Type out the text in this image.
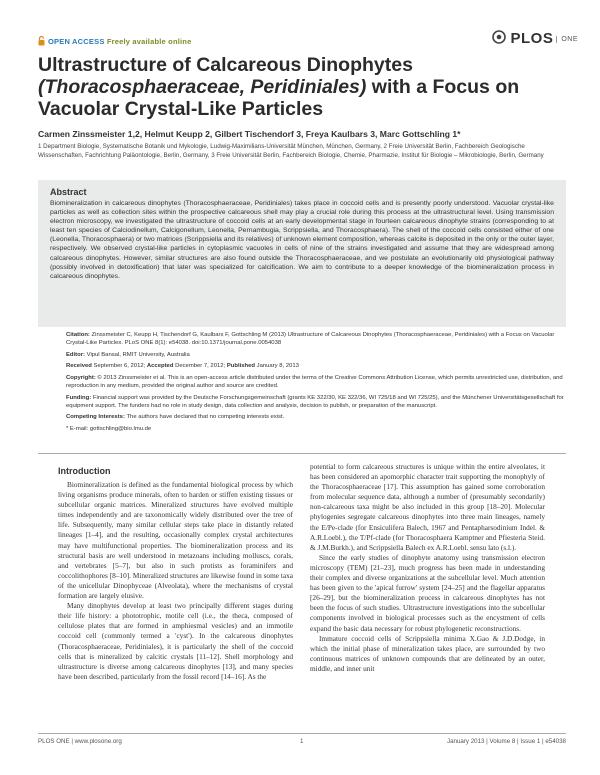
OPEN ACCESS Freely available online	PLOS ONE
Ultrastructure of Calcareous Dinophytes
(Thoracosphaeraceae, Peridiniales) with a Focus on
Vacuolar Crystal-Like Particles
Carmen Zinssmeister 1,2, Helmut Keupp 2, Gilbert Tischendorf 3, Freya Kaulbars 3, Marc Gottschling 1*
1 Department Biologie, Systematische Botanik und Mykologie, Ludwig-Maximilians-Universität München, München, Germany, 2 Freie Universität Berlin, Fachbereich Geologische Wissenschaften, Fachrichtung Paläontologie, Berlin, Germany, 3 Freie Universität Berlin, Fachbereich Biologie, Chemie, Pharmazie, Institut für Biologie – Mikrobiologie, Berlin, Germany
Abstract

Biomineralization in calcareous dinophytes (Thoracosphaeraceae, Peridiniales) takes place in coccoid cells and is presently poorly understood. Vacuolar crystal-like particles as well as collection sites within the prospective calcareous shell may play a crucial role during this process at the ultrastructural level. Using transmission electron microscopy, we investigated the ultrastructure of coccoid cells at an early developmental stage in fourteen calcareous dinophyte strains (corresponding to at least ten species of Calciodinellum, Calcigonellum, Leonella, Pernambugia, Scrippsiella, and Thoracosphaera). The shell of the coccoid cells consisted either of one (Leonella, Thoracosphaera) or two matrices (Scrippsiella and its relatives) of unknown element composition, whereas calcite is deposited in the only or the outer layer, respectively. We observed crystal-like particles in cytoplasmic vacuoles in cells of nine of the strains investigated and assume that they are widespread among calcareous dinophytes. However, similar structures are also found outside the Thoracosphaeraceae, and we postulate an evolutionarily old physiological pathway (possibly involved in detoxification) that later was specialized for calcification. We aim to contribute to a deeper knowledge of the biomineralization process in calcareous dinophytes.

Citation: Zinssmeister C, Keupp H, Tischendorf G, Kaulbars F, Gottschling M (2013) Ultrastructure of Calcareous Dinophytes (Thoracosphaeraceae, Peridiniales) with a Focus on Vacuolar Crystal-Like Particles. PLoS ONE 8(1): e54038. doi:10.1371/journal.pone.0054038
Editor: Vipul Bansal, RMIT University, Australia
Received September 6, 2012; Accepted December 7, 2012; Published January 8, 2013
Copyright: © 2013 Zinssmeister et al. This is an open-access article distributed under the terms of the Creative Commons Attribution License, which permits unrestricted use, distribution, and reproduction in any medium, provided the original author and source are credited.
Funding: Financial support was provided by the Deutsche Forschungsgemeinschaft (grants KE 322/30, KE 322/36, WI 725/18 and WI 725/25), and the Münchener Universitätsgesellschaft for equipment support. The funders had no role in study design, data collection and analysis, decision to publish, or preparation of the manuscript.
Competing Interests: The authors have declared that no competing interests exist.
* E-mail: gottschling@bio.lmu.de
Introduction

Biomineralization is defined as the fundamental biological process by which living organisms produce minerals, often to harden or stiffen existing tissues or subcellular organic matrices. Mineralized structures have evolved multiple times independently and are taxonomically widely distributed over the tree of life. Subsequently, many similar cellular steps take place in distantly related lineages [1–4], and the resulting, occasionally complex crystal architectures may have multifunctional properties. The biomineralization process and its structural basis are well understood in metazoans including molluscs, corals, and vertebrates [5–7], but also in such protists as foraminifers and coccolithophores [8–10]. Mineralized structures are likewise found in some taxa of the unicellular Dinophyceae (Alveolata), where the mechanisms of crystal formation are largely elusive.

Many dinophytes develop at least two principally different stages during their life history: a phototrophic, motile cell (i.e., the theca, composed of cellulose plates that are formed in amphiesmal vesicles) and an immotile coccoid cell (commonly termed a 'cyst'). In the calcareous dinophytes (Thoracosphaeraceae, Peridiniales), it is particularly the shell of the coccoid cells that is mineralized by calcitic crystals [11–12]. Shell morphology and ultrastructure is diverse among calcareous dinophytes [13], and many species have been described, particularly from the fossil record [14–16]. As the

potential to form calcareous structures is unique within the entire alveolates, it has been considered an apomorphic character trait supporting the monophyly of the Thoracosphaeraceae [17]. This assumption has gained some corroboration from molecular sequence data, although a number of (presumably secondarily) non-calcareous taxa might be also included in this group [18–20]. Molecular phylogenies segregate calcareous dinophytes into three main lineages, namely the E/Pe-clade (for Ensiculifera Balech, 1967 and Pentapharsodinium Indel. & A.R.Loebl.), the T/Pf-clade (for Thoracosphaera Kamptner and Pfiesteria Steid. & J.M.Burkh.), and Scrippsiella Balech ex A.R.Loebl. sensu lato (s.l.).

Since the early studies of dinophyte anatomy using transmission electron microscopy (TEM) [21–23], much progress has been made in understanding their complex and diverse organizations at the subcellular level. Much attention has been given to the 'apical furrow' system [24–25] and the flagellar apparatus [26–29], but the biomineralization process in calcareous dinophytes has not been the focus of such studies. Ultrastructure investigations into the subcellular components involved in biological processes such as the encystment of cells expand the basic data necessary for robust phylogenetic reconstructions.

Immature coccoid cells of Scrippsiella minima X.Gao & J.D.Dodge, in which the initial phase of mineralization takes place, are surrounded by two continuous matrices of unknown compounds that are delineated by an outer, middle, and inner unit

PLOS ONE | www.plosone.org	1	January 2013 | Volume 8 | Issue 1 | e54038
